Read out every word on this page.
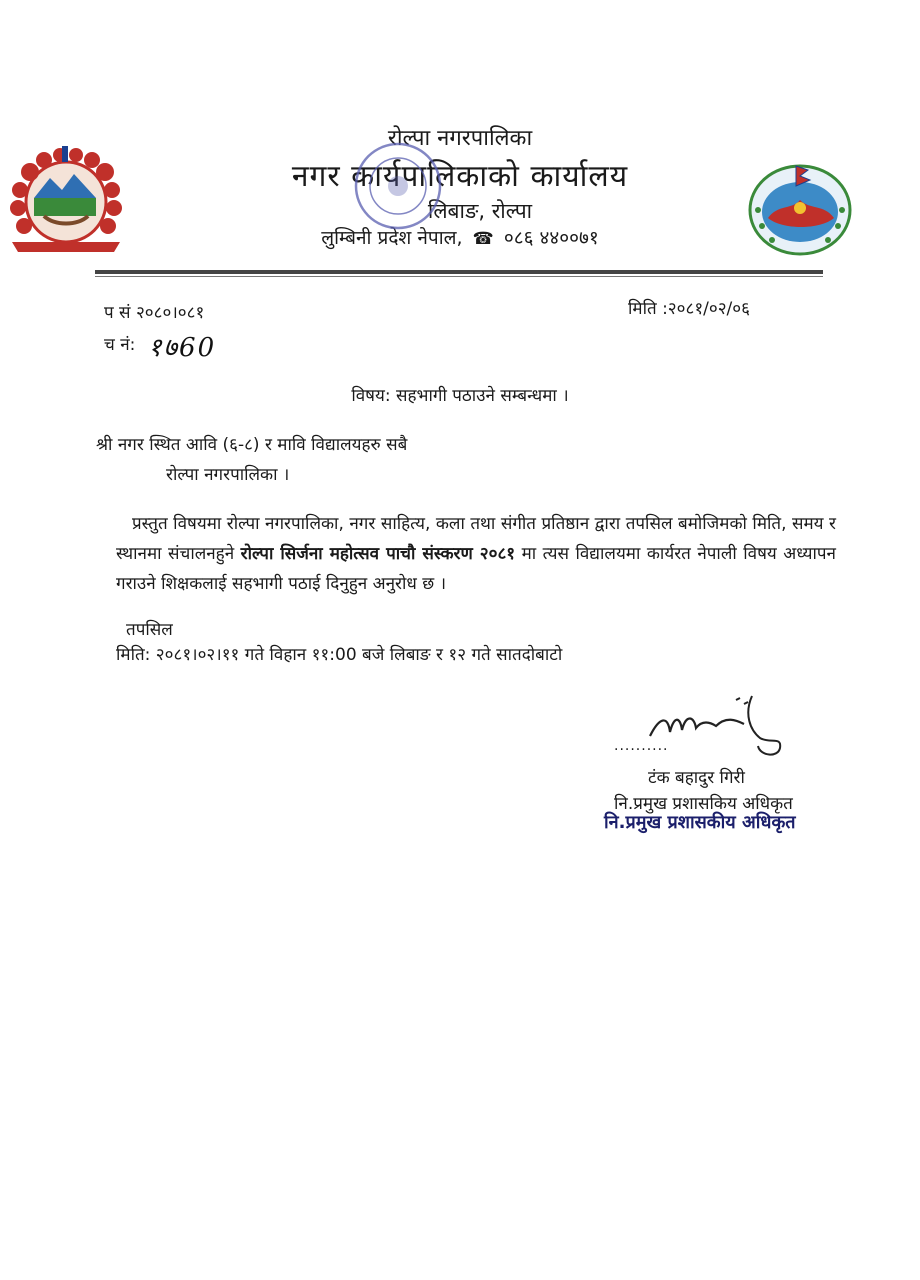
रोल्पा नगरपालिका
नगर कार्यपालिकाको कार्यालय
लिबाङ, रोल्पा
लुम्बिनी प्रदेश नेपाल, ☎ ०८६ ४४००७१
प सं २०८०।०८१	मिति :२०८१/०२/०६
च नं: १७60
विषय: सहभागी पठाउने सम्बन्धमा ।
श्री नगर स्थित आवि (६-८) र मावि विद्यालयहरु सबै
रोल्पा नगरपालिका ।
प्रस्तुत विषयमा रोल्पा नगरपालिका, नगर साहित्य, कला तथा संगीत प्रतिष्ठान द्वारा तपसिल बमोजिमको मिति, समय र स्थानमा संचालनहुने रोल्पा सिर्जना महोत्सव पाचौ संस्करण २०८१ मा त्यस विद्यालयमा कार्यरत नेपाली विषय अध्यापन गराउने शिक्षकलाई सहभागी पठाई दिनुहुन अनुरोध छ ।
तपसिल
मिति: २०८१।०२।११ गते विहान ११:00 बजे लिबाङ र १२ गते सातदोबाटो
..........
टंक बहादुर गिरी
नि.प्रमुख प्रशासकिय अधिकृत
नि.प्रमुख प्रशासकीय अधिकृत
